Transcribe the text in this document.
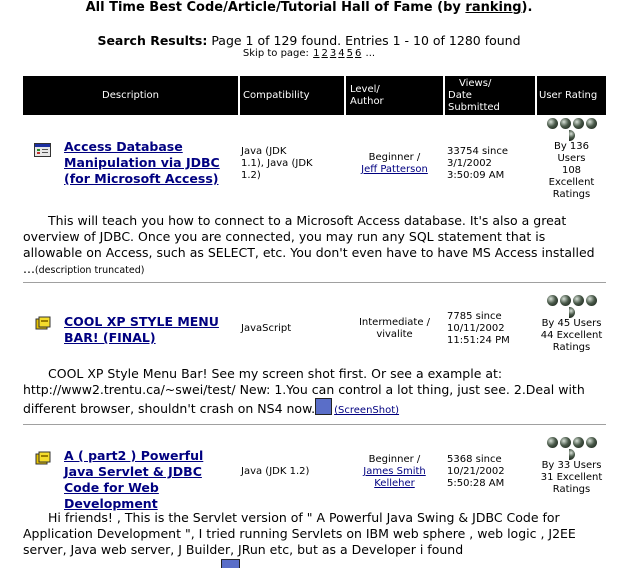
All Time Best Code/Article/Tutorial Hall of Fame (by ranking).
Search Results: Page 1 of 129 found. Entries 1 - 10 of 1280 found
Skip to page: 1 2 3 4 5 6 ...
Description	Compatibility
Level/
Author
Views/
Date
Submitted
User Rating
Access Database Manipulation via JDBC (for Microsoft Access)
Java (JDK
1.1), Java (JDK
1.2)
Beginner /
Jeff Patterson
33754 since
3/1/2002
3:50:09 AM
By 136
Users
108
Excellent
Ratings
This will teach you how to connect to a Microsoft Access database. It's also a great overview of JDBC. Once you are connected, you may run any SQL statement that is allowable on Access, such as SELECT, etc. You don't even have to have MS Access installed ...(description truncated)
COOL XP STYLE MENU BAR! (FINAL)
JavaScript
Intermediate /
vivalite
7785 since
10/11/2002
11:51:24 PM
By 45 Users
44 Excellent
Ratings
COOL XP Style Menu Bar! See my screen shot first. Or see a example at: http://www2.trentu.ca/~swei/test/ New: 1.You can control a lot thing, just see. 2.Deal with different browser, shouldn't crash on NS4 now. (ScreenShot)
A ( part2 ) Powerful Java Servlet & JDBC Code for Web Development
Java (JDK 1.2)
Beginner /
James Smith Kelleher
5368 since
10/21/2002
5:50:28 AM
By 33 Users
31 Excellent
Ratings
Hi friends! , This is the Servlet version of " A Powerful Java Swing & JDBC Code for Application Development ", I tried running Servlets on IBM web sphere , web logic , J2EE server, Java web server, J Builder, JRun etc, but as a Developer i found
